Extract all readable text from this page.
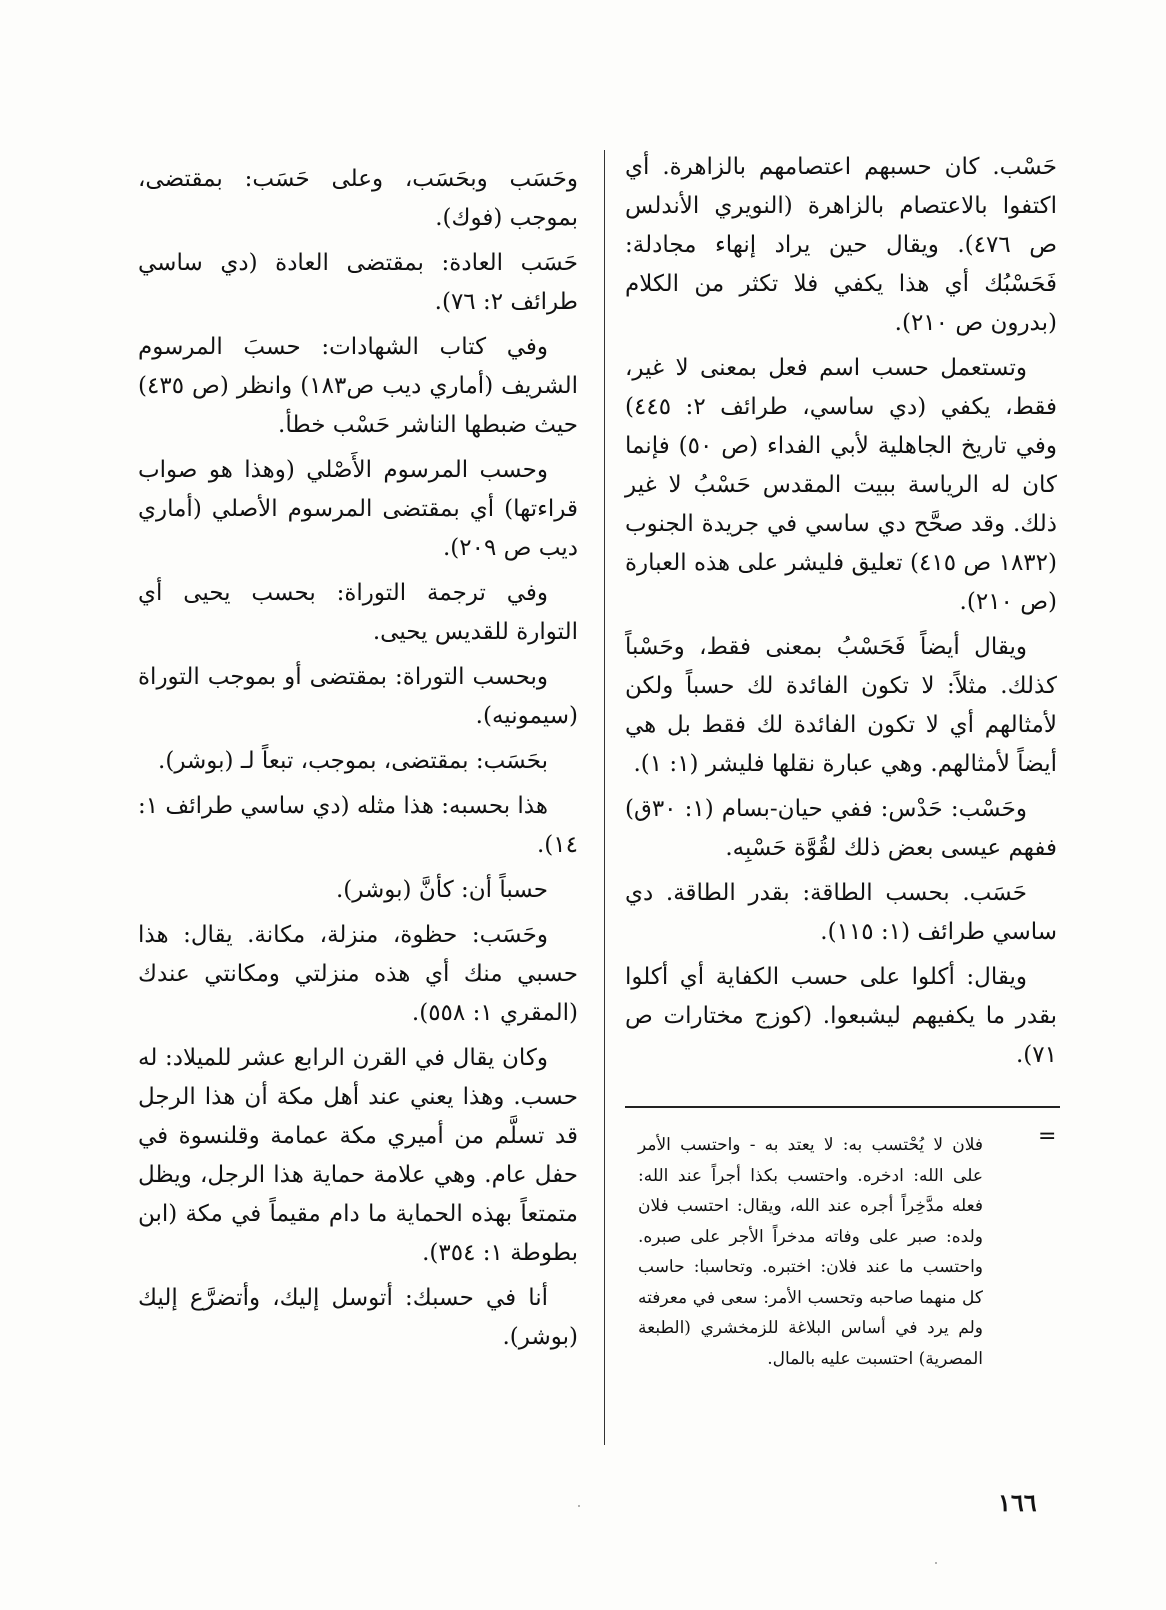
حَسْب. كان حسبهم اعتصامهم بالزاهرة. أي اكتفوا بالاعتصام بالزاهرة (النويري الأندلس ص ٤٧٦). ويقال حين يراد إنهاء مجادلة: فَحَسْبُك أي هذا يكفي فلا تكثر من الكلام (بدرون ص ٢١٠).

وتستعمل حسب اسم فعل بمعنى لا غير، فقط، يكفي (دي ساسي، طرائف ٢: ٤٤٥) وفي تاريخ الجاهلية لأبي الفداء (ص ٥٠) فإنما كان له الرياسة ببيت المقدس حَسْبُ لا غير ذلك. وقد صحَّح دي ساسي في جريدة الجنوب (١٨٣٢ ص ٤١٥) تعليق فليشر على هذه العبارة (ص ٢١٠).

ويقال أيضاً فَحَسْبُ بمعنى فقط، وحَسْباً كذلك. مثلاً: لا تكون الفائدة لك حسباً ولكن لأمثالهم أي لا تكون الفائدة لك فقط بل هي أيضاً لأمثالهم. وهي عبارة نقلها فليشر (١: ١).

وحَسْب: حَدْس: ففي حيان-بسام (١: ٣٠ق) ففهم عيسى بعض ذلك لقُوَّة حَسْبِه.

حَسَب. بحسب الطاقة: بقدر الطاقة. دي ساسي طرائف (١: ١١٥).

ويقال: أكلوا على حسب الكفاية أي أكلوا بقدر ما يكفيهم ليشبعوا. (كوزج مختارات ص ٧١).

وحَسَب وبحَسَب، وعلى حَسَب: بمقتضى، بموجب (فوك).

حَسَب العادة: بمقتضى العادة (دي ساسي طرائف ٢: ٧٦).

وفي كتاب الشهادات: حسبَ المرسوم الشريف (أماري ديب ص١٨٣) وانظر (ص ٤٣٥) حيث ضبطها الناشر حَسْب خطأ.

وحسب المرسوم الأَصْلي (وهذا هو صواب قراءتها) أي بمقتضى المرسوم الأصلي (أماري ديب ص ٢٠٩).

وفي ترجمة التوراة: بحسب يحيى أي التوارة للقديس يحيى.

وبحسب التوراة: بمقتضى أو بموجب التوراة (سيمونيه).

بحَسَب: بمقتضى، بموجب، تبعاً لـ (بوشر).

هذا بحسبه: هذا مثله (دي ساسي طرائف ١: ١٤).

حسباً أن: كأنَّ (بوشر).

وحَسَب: حظوة، منزلة، مكانة. يقال: هذا حسبي منك أي هذه منزلتي ومكانتي عندك (المقري ١: ٥٥٨).

وكان يقال في القرن الرابع عشر للميلاد: له حسب. وهذا يعني عند أهل مكة أن هذا الرجل قد تسلَّم من أميري مكة عمامة وقلنسوة في حفل عام. وهي علامة حماية هذا الرجل، ويظل متمتعاً بهذه الحماية ما دام مقيماً في مكة (ابن بطوطة ١: ٣٥٤).

أنا في حسبك: أتوسل إليك، وأتضرَّع إليك (بوشر).

=
فلان لا يُحْتسب به: لا يعتد به - واحتسب الأمر على الله: ادخره. واحتسب بكذا أجراً عند الله: فعله مدَّخِراً أجره عند الله، ويقال: احتسب فلان ولده: صبر على وفاته مدخراً الأجر على صبره. واحتسب ما عند فلان: اختبره. وتحاسبا: حاسب كل منهما صاحبه وتحسب الأمر: سعى في معرفته ولم يرد في أساس البلاغة للزمخشري (الطبعة المصرية) احتسبت عليه بالمال.
١٦٦
